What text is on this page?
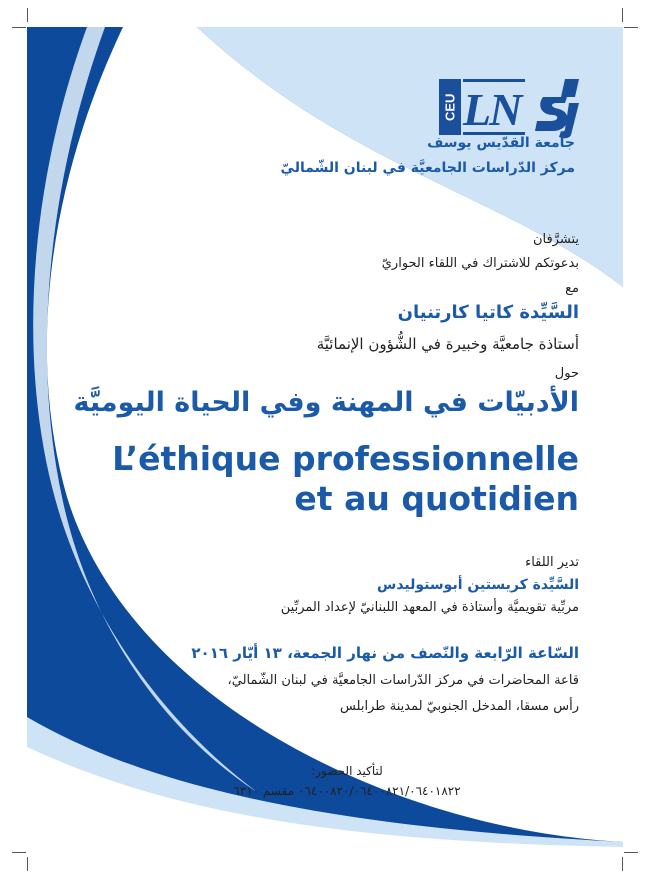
CEU LN
جامعة القدّيس يوسف
مركز الدّراسات الجامعيَّة في لبنان الشّماليّ
يتشرَّفان
بدعوتكم للاشتراك في اللقاء الحواريّ
مع
السَّيِّدة كاتيا كارتنيان
أستاذة جامعيَّة وخبيرة في الشُّؤون الإنمائيَّة
حول
الأدبيّات في المهنة وفي الحياة اليوميَّة
L’éthique professionnelle
et au quotidien
تدير اللقاء
السَّيِّدة كريستين أبوستوليدس
مربِّية تقويميَّة وأستاذة في المعهد اللبنانيّ لإعداد المربِّين
السّاعة الرّابعة والنّصف من نهار الجمعة، ١٣ أيّار ٢٠١٦
قاعة المحاضرات في مركز الدّراسات الجامعيَّة في لبنان الشّماليّ،
رأس مسقا، المدخل الجنوبيّ لمدينة طرابلس
لتأكيد الحضور:
٠٦٤٠٠٨٢٠/٠٦٤٠٠٨٢١/٠٦٤٠١٨٢٢ مقسم ٦٣١٠
